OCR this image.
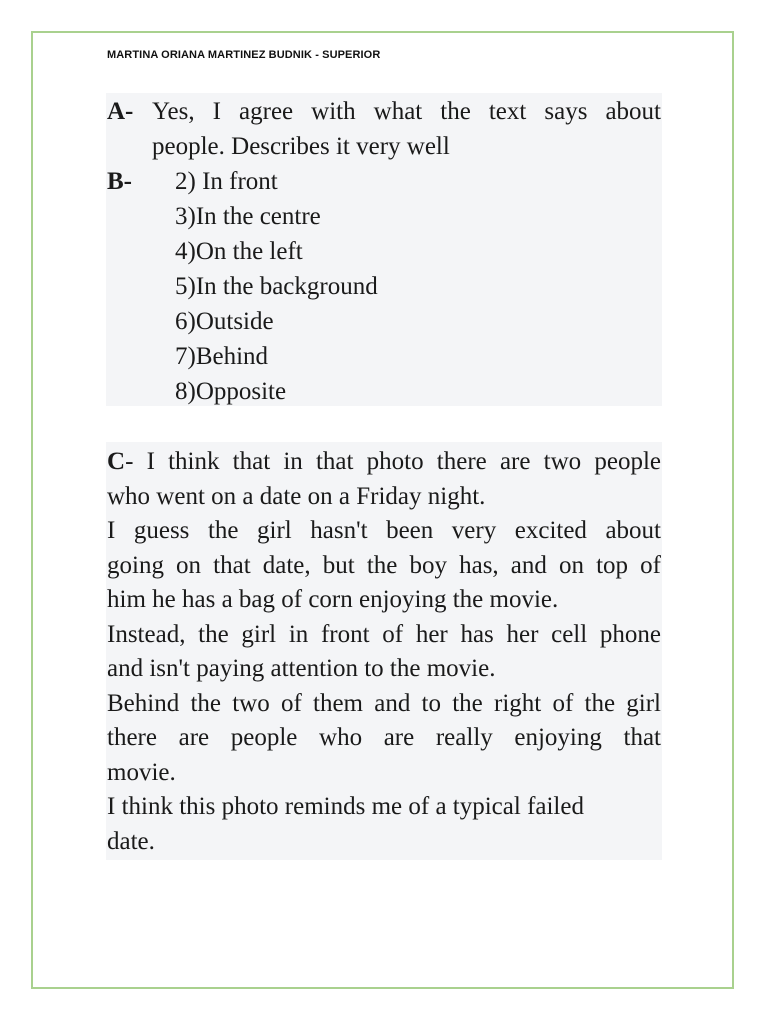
MARTINA ORIANA MARTINEZ BUDNIK - SUPERIOR
A- Yes, I agree with what the text says about
people. Describes it very well
B- 2) In front
3)In the centre
4)On the left
5)In the background
6)Outside
7)Behind
8)Opposite
C- I think that in that photo there are two people
who went on a date on a Friday night.
I guess the girl hasn't been very excited about
going on that date, but the boy has, and on top of
him he has a bag of corn enjoying the movie.
Instead, the girl in front of her has her cell phone
and isn't paying attention to the movie.
Behind the two of them and to the right of the girl
there are people who are really enjoying that
movie.
I think this photo reminds me of a typical failed
date.
